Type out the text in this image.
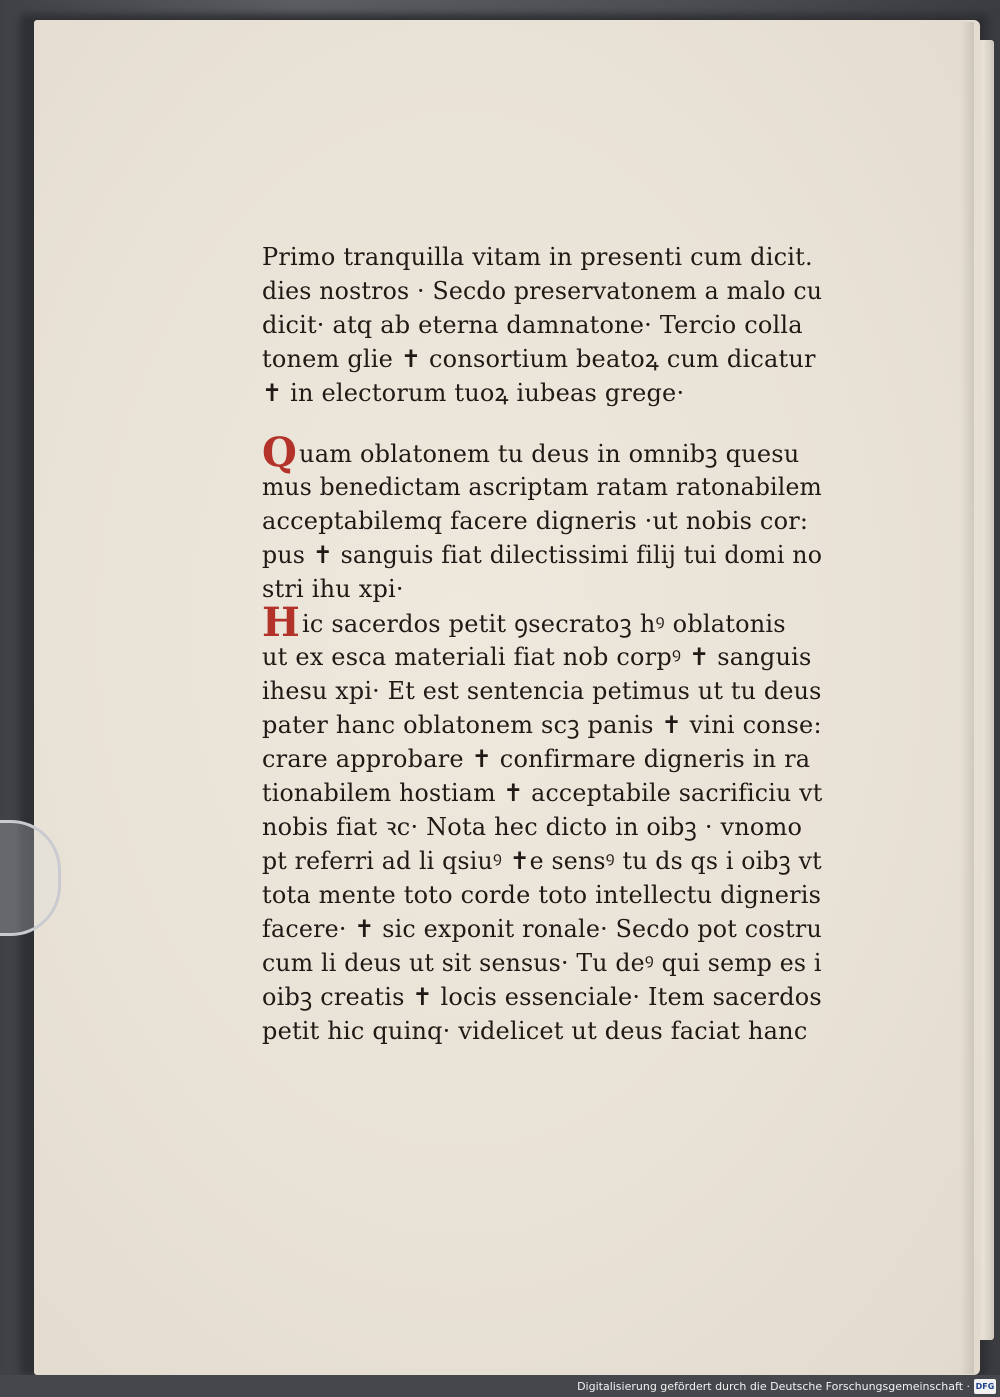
Primo tranquilla vitam in presenti cum dicit.
dies nostros · Secdo preservatonem a malo cu
dicit· atq ab eterna damnatone· Tercio colla
tonem glie ✝ consortium beatoꝝ cum dicatur
✝ in electorum tuoꝝ iubeas grege·
Quam oblatonem tu deus in omnibꝫ quesu
mus benedictam ascriptam ratam ratonabilem
acceptabilemq facere digneris ·ut nobis cor:
pus ✝ sanguis fiat dilectissimi filij tui domi no
stri ihu xpi·
Hic sacerdos petit ꝯsecratoꝫ hꝰ oblatonis
ut ex esca materiali fiat nob corpꝰ ✝ sanguis
ihesu xpi· Et est sentencia petimus ut tu deus
pater hanc oblatonem scꝫ panis ✝ vini conse:
crare approbare ✝ confirmare digneris in ra
tionabilem hostiam ✝ acceptabile sacrificiu vt
nobis fiat ꝛc· Nota hec dicto in oibꝫ · vnomo
pt referri ad li qsiuꝰ ✝e sensꝰ tu ds qs i oibꝫ vt
tota mente toto corde toto intellectu digneris
facere· ✝ sic exponit ronale· Secdo pot costru
cum li deus ut sit sensus· Tu deꝰ qui semp es i
oibꝫ creatis ✝ locis essenciale· Item sacerdos
petit hic quinq· videlicet ut deus faciat hanc
Digitalisierung gefördert durch die Deutsche Forschungsgemeinschaft · DFG
